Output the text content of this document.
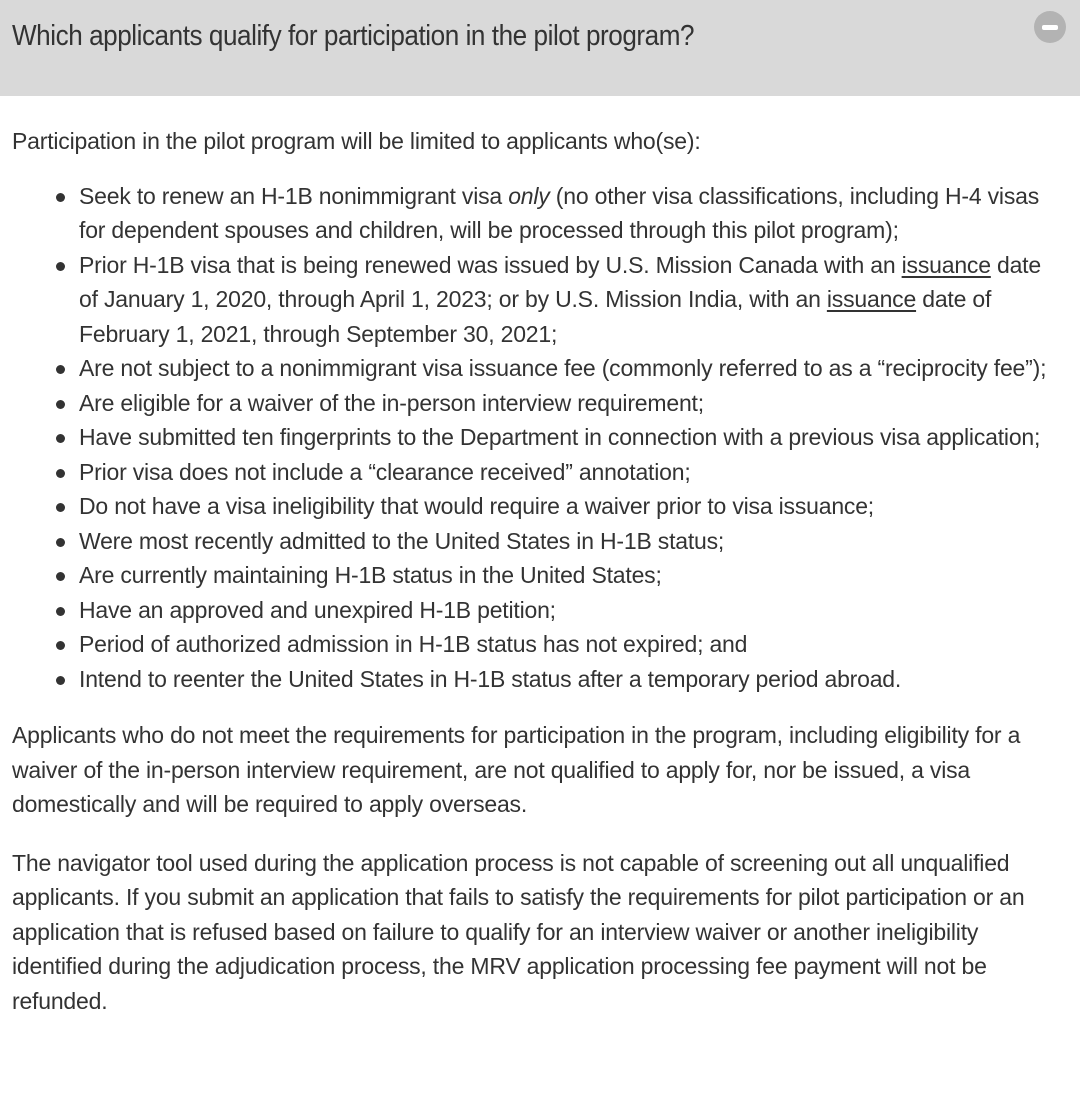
Which applicants qualify for participation in the pilot program?
Participation in the pilot program will be limited to applicants who(se):
Seek to renew an H-1B nonimmigrant visa only (no other visa classifications, including H-4 visas for dependent spouses and children, will be processed through this pilot program);
Prior H-1B visa that is being renewed was issued by U.S. Mission Canada with an issuance date of January 1, 2020, through April 1, 2023; or by U.S. Mission India, with an issuance date of February 1, 2021, through September 30, 2021;
Are not subject to a nonimmigrant visa issuance fee (commonly referred to as a “reciprocity fee”);
Are eligible for a waiver of the in-person interview requirement;
Have submitted ten fingerprints to the Department in connection with a previous visa application;
Prior visa does not include a “clearance received” annotation;
Do not have a visa ineligibility that would require a waiver prior to visa issuance;
Were most recently admitted to the United States in H-1B status;
Are currently maintaining H-1B status in the United States;
Have an approved and unexpired H-1B petition;
Period of authorized admission in H-1B status has not expired; and
Intend to reenter the United States in H-1B status after a temporary period abroad.

Applicants who do not meet the requirements for participation in the program, including eligibility for a waiver of the in-person interview requirement, are not qualified to apply for, nor be issued, a visa domestically and will be required to apply overseas.

The navigator tool used during the application process is not capable of screening out all unqualified applicants. If you submit an application that fails to satisfy the requirements for pilot participation or an application that is refused based on failure to qualify for an interview waiver or another ineligibility identified during the adjudication process, the MRV application processing fee payment will not be refunded.
